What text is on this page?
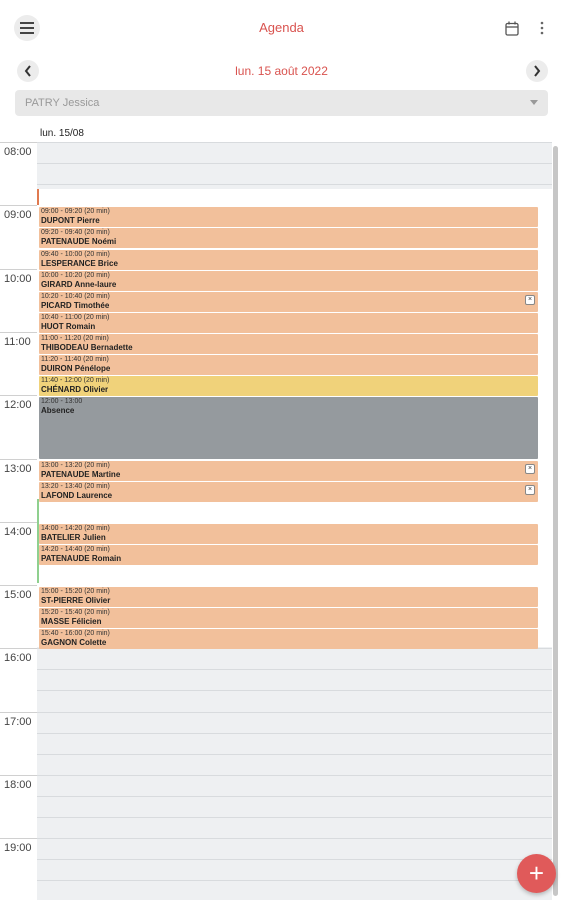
Agenda
lun. 15 août 2022
PATRY Jessica
lun. 15/08
08:00
09:00
10:00
11:00
12:00
13:00
14:00
15:00
16:00
17:00
18:00
19:00
09:00 - 09:20 (20 min)
DUPONT Pierre
09:20 - 09:40 (20 min)
PATENAUDE Noémi
09:40 - 10:00 (20 min)
LESPERANCE Brice
10:00 - 10:20 (20 min)
GIRARD Anne-laure
10:20 - 10:40 (20 min)
PICARD Timothée
×
10:40 - 11:00 (20 min)
HUOT Romain
11:00 - 11:20 (20 min)
THIBODEAU Bernadette
11:20 - 11:40 (20 min)
DUIRON Pénélope
11:40 - 12:00 (20 min)
CHÉNARD Olivier
12:00 - 13:00
Absence
13:00 - 13:20 (20 min)
PATENAUDE Martine
×
13:20 - 13:40 (20 min)
LAFOND Laurence
×
14:00 - 14:20 (20 min)
BATELIER Julien
14:20 - 14:40 (20 min)
PATENAUDE Romain
15:00 - 15:20 (20 min)
ST-PIERRE Olivier
15:20 - 15:40 (20 min)
MASSE Félicien
15:40 - 16:00 (20 min)
GAGNON Colette
+
